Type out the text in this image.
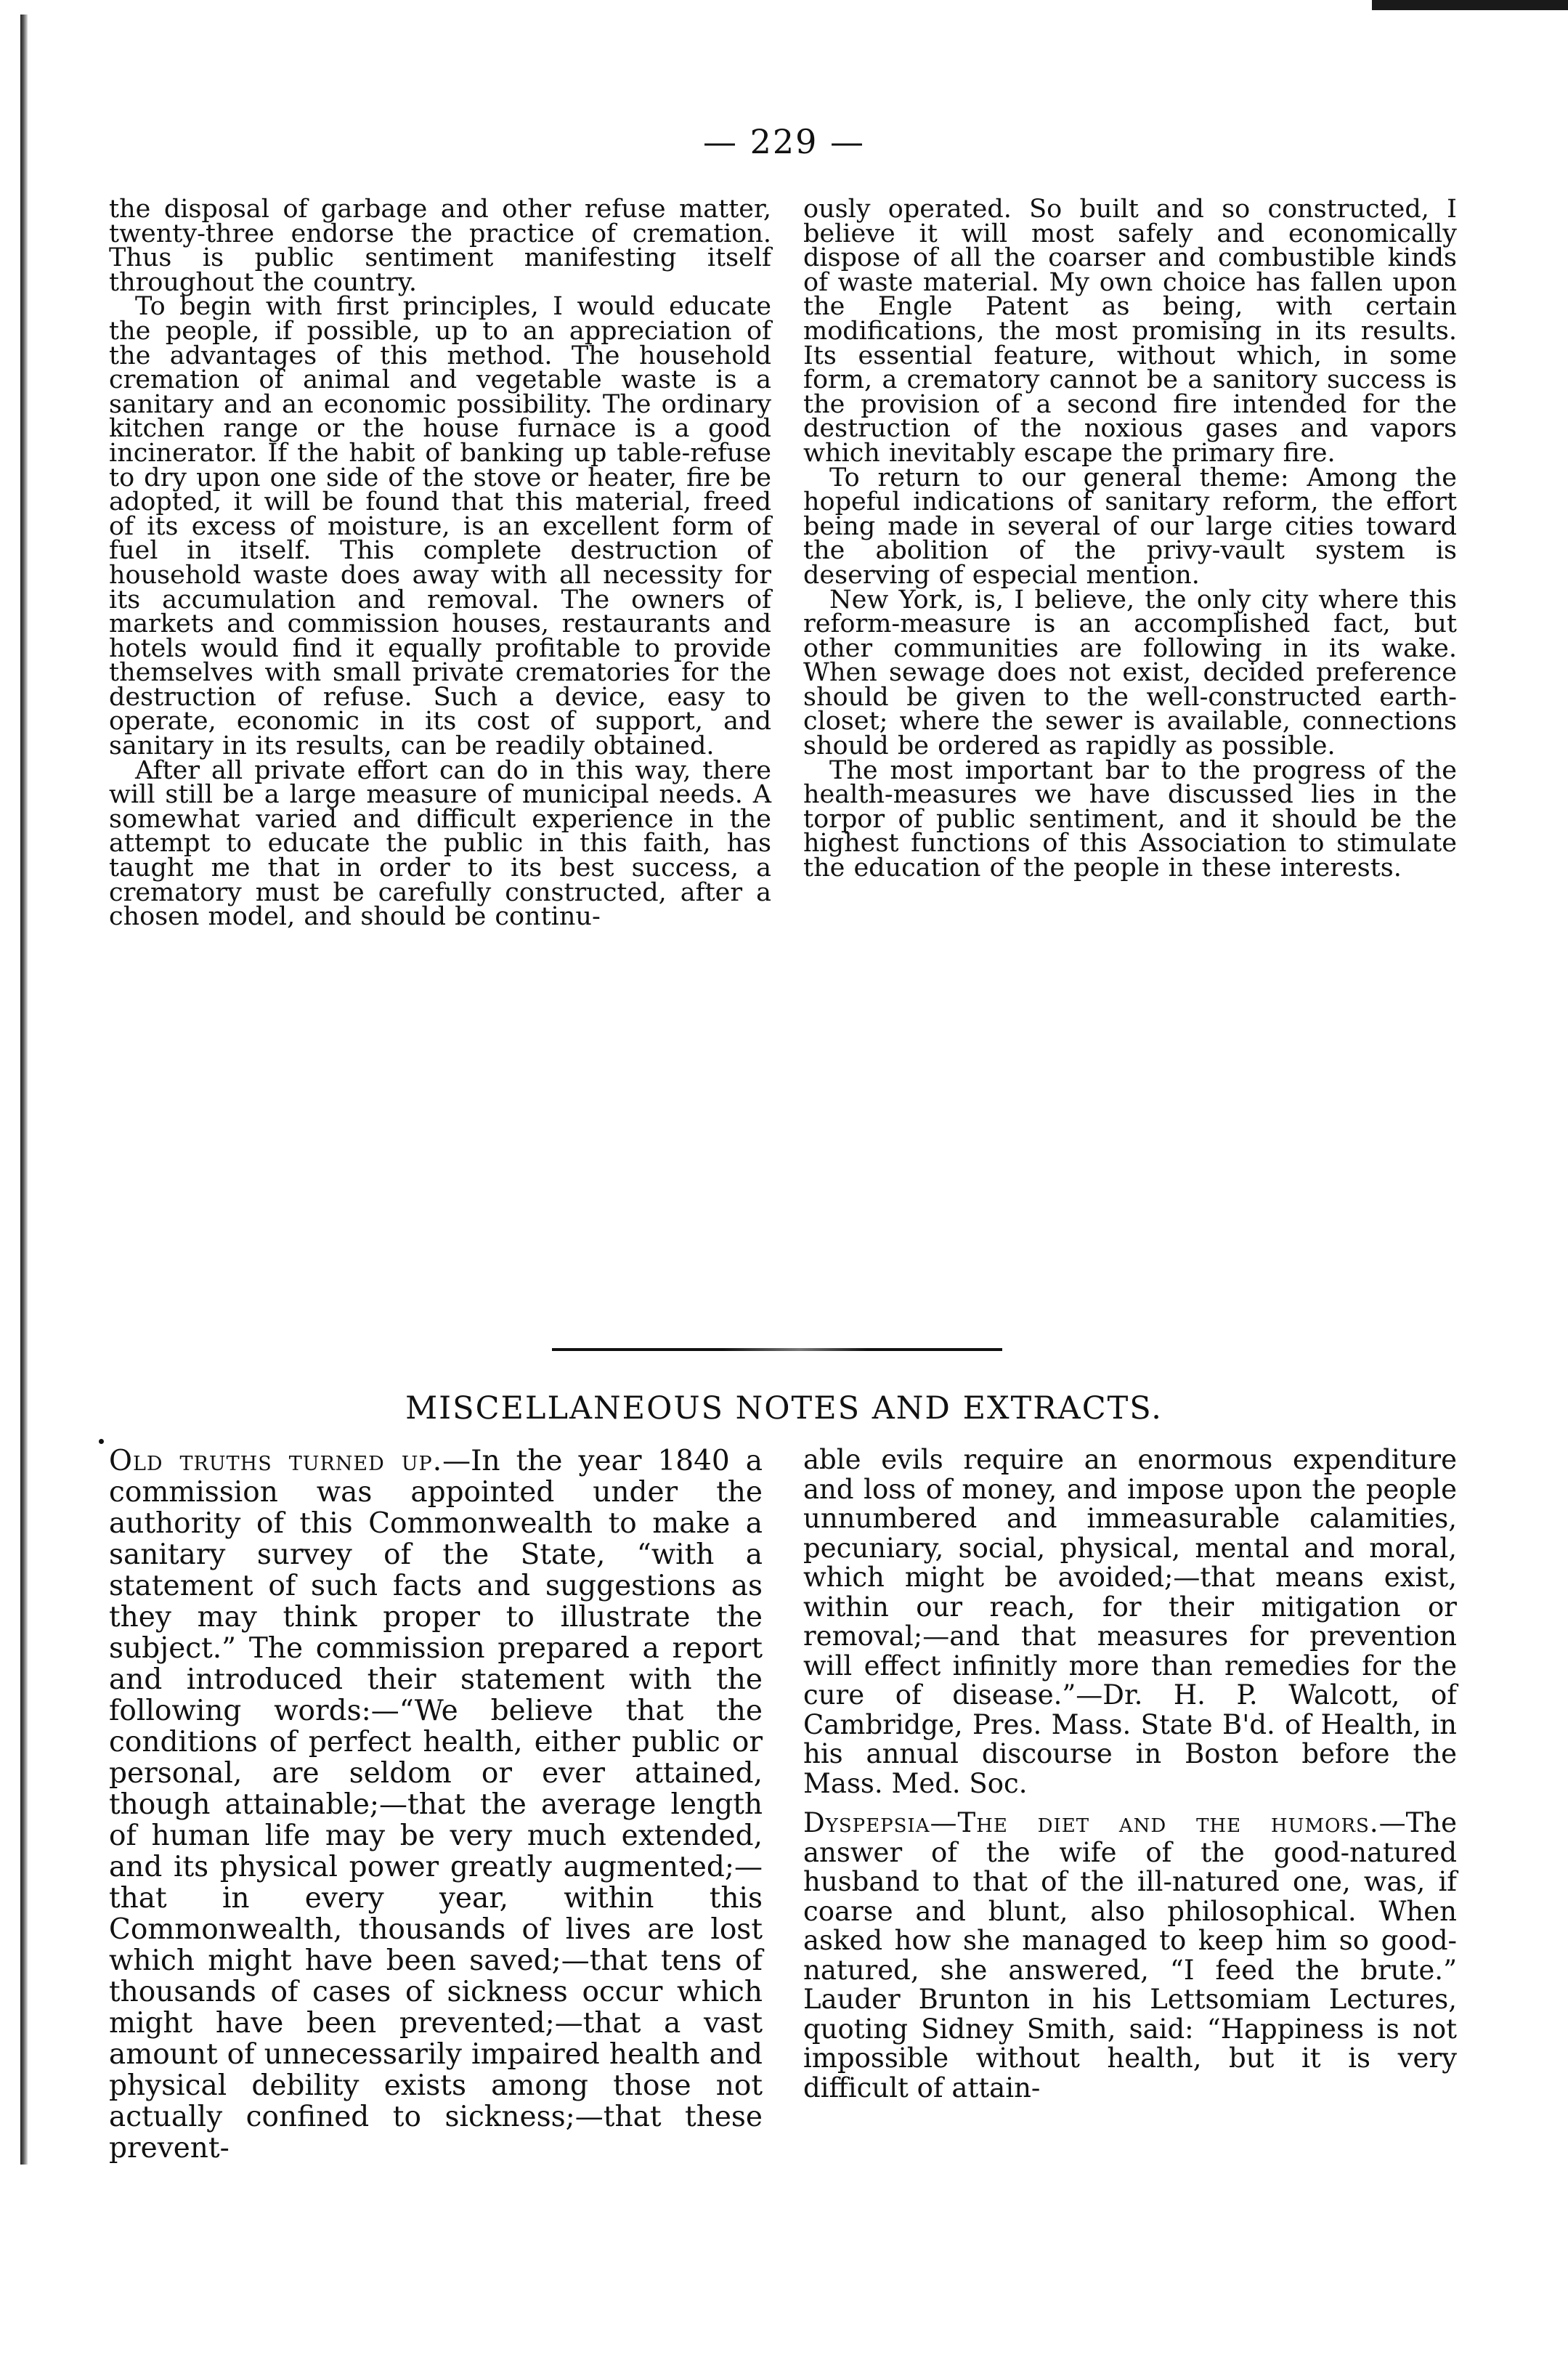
— 229 —

the disposal of garbage and other refuse matter, twenty-three endorse the practice of cremation. Thus is public sentiment manifesting itself throughout the country.

To begin with first principles, I would educate the people, if possible, up to an appreciation of the advantages of this method. The household cremation of animal and vegetable waste is a sanitary and an economic possibility. The ordinary kitchen range or the house furnace is a good incinerator. If the habit of banking up table-refuse to dry upon one side of the stove or heater, fire be adopted, it will be found that this material, freed of its excess of moisture, is an excellent form of fuel in itself. This complete destruction of household waste does away with all necessity for its accumulation and removal. The owners of markets and commission houses, restaurants and hotels would find it equally profitable to provide themselves with small private crematories for the destruction of refuse. Such a device, easy to operate, economic in its cost of support, and sanitary in its results, can be readily obtained.

After all private effort can do in this way, there will still be a large measure of municipal needs. A somewhat varied and difficult experience in the attempt to educate the public in this faith, has taught me that in order to its best success, a crematory must be carefully constructed, after a chosen model, and should be continu-

ously operated. So built and so constructed, I believe it will most safely and economically dispose of all the coarser and combustible kinds of waste material. My own choice has fallen upon the Engle Patent as being, with certain modifications, the most promising in its results. Its essential feature, without which, in some form, a crematory cannot be a sanitory success is the provision of a second fire intended for the destruction of the noxious gases and vapors which inevitably escape the primary fire.

To return to our general theme: Among the hopeful indications of sanitary reform, the effort being made in several of our large cities toward the abolition of the privy-vault system is deserving of especial mention.

New York, is, I believe, the only city where this reform-measure is an accomplished fact, but other communities are following in its wake. When sewage does not exist, decided preference should be given to the well-constructed earth-closet; where the sewer is available, connections should be ordered as rapidly as possible.

The most important bar to the progress of the health-measures we have discussed lies in the torpor of public sentiment, and it should be the highest functions of this Association to stimulate the education of the people in these interests.

MISCELLANEOUS NOTES AND EXTRACTS.

Old truths turned up.—In the year 1840 a commission was appointed under the authority of this Commonwealth to make a sanitary survey of the State, “with a statement of such facts and suggestions as they may think proper to illustrate the subject.” The commission prepared a report and introduced their statement with the following words:—“We believe that the conditions of perfect health, either public or personal, are seldom or ever attained, though attainable;—that the average length of human life may be very much extended, and its physical power greatly augmented;—that in every year, within this Commonwealth, thousands of lives are lost which might have been saved;—that tens of thousands of cases of sickness occur which might have been prevented;—that a vast amount of unnecessarily impaired health and physical debility exists among those not actually confined to sickness;—that these prevent-

able evils require an enormous expenditure and loss of money, and impose upon the people unnumbered and immeasurable calamities, pecuniary, social, physical, mental and moral, which might be avoided;—that means exist, within our reach, for their mitigation or removal;—and that measures for prevention will effect infinitly more than remedies for the cure of disease.”—Dr. H. P. Walcott, of Cambridge, Pres. Mass. State B'd. of Health, in his annual discourse in Boston before the Mass. Med. Soc.

Dyspepsia—The diet and the humors.—The answer of the wife of the good-natured husband to that of the ill-natured one, was, if coarse and blunt, also philosophical. When asked how she managed to keep him so good-natured, she answered, “I feed the brute.” Lauder Brunton in his Lettsomiam Lectures, quoting Sidney Smith, said: “Happiness is not impossible without health, but it is very difficult of attain-
